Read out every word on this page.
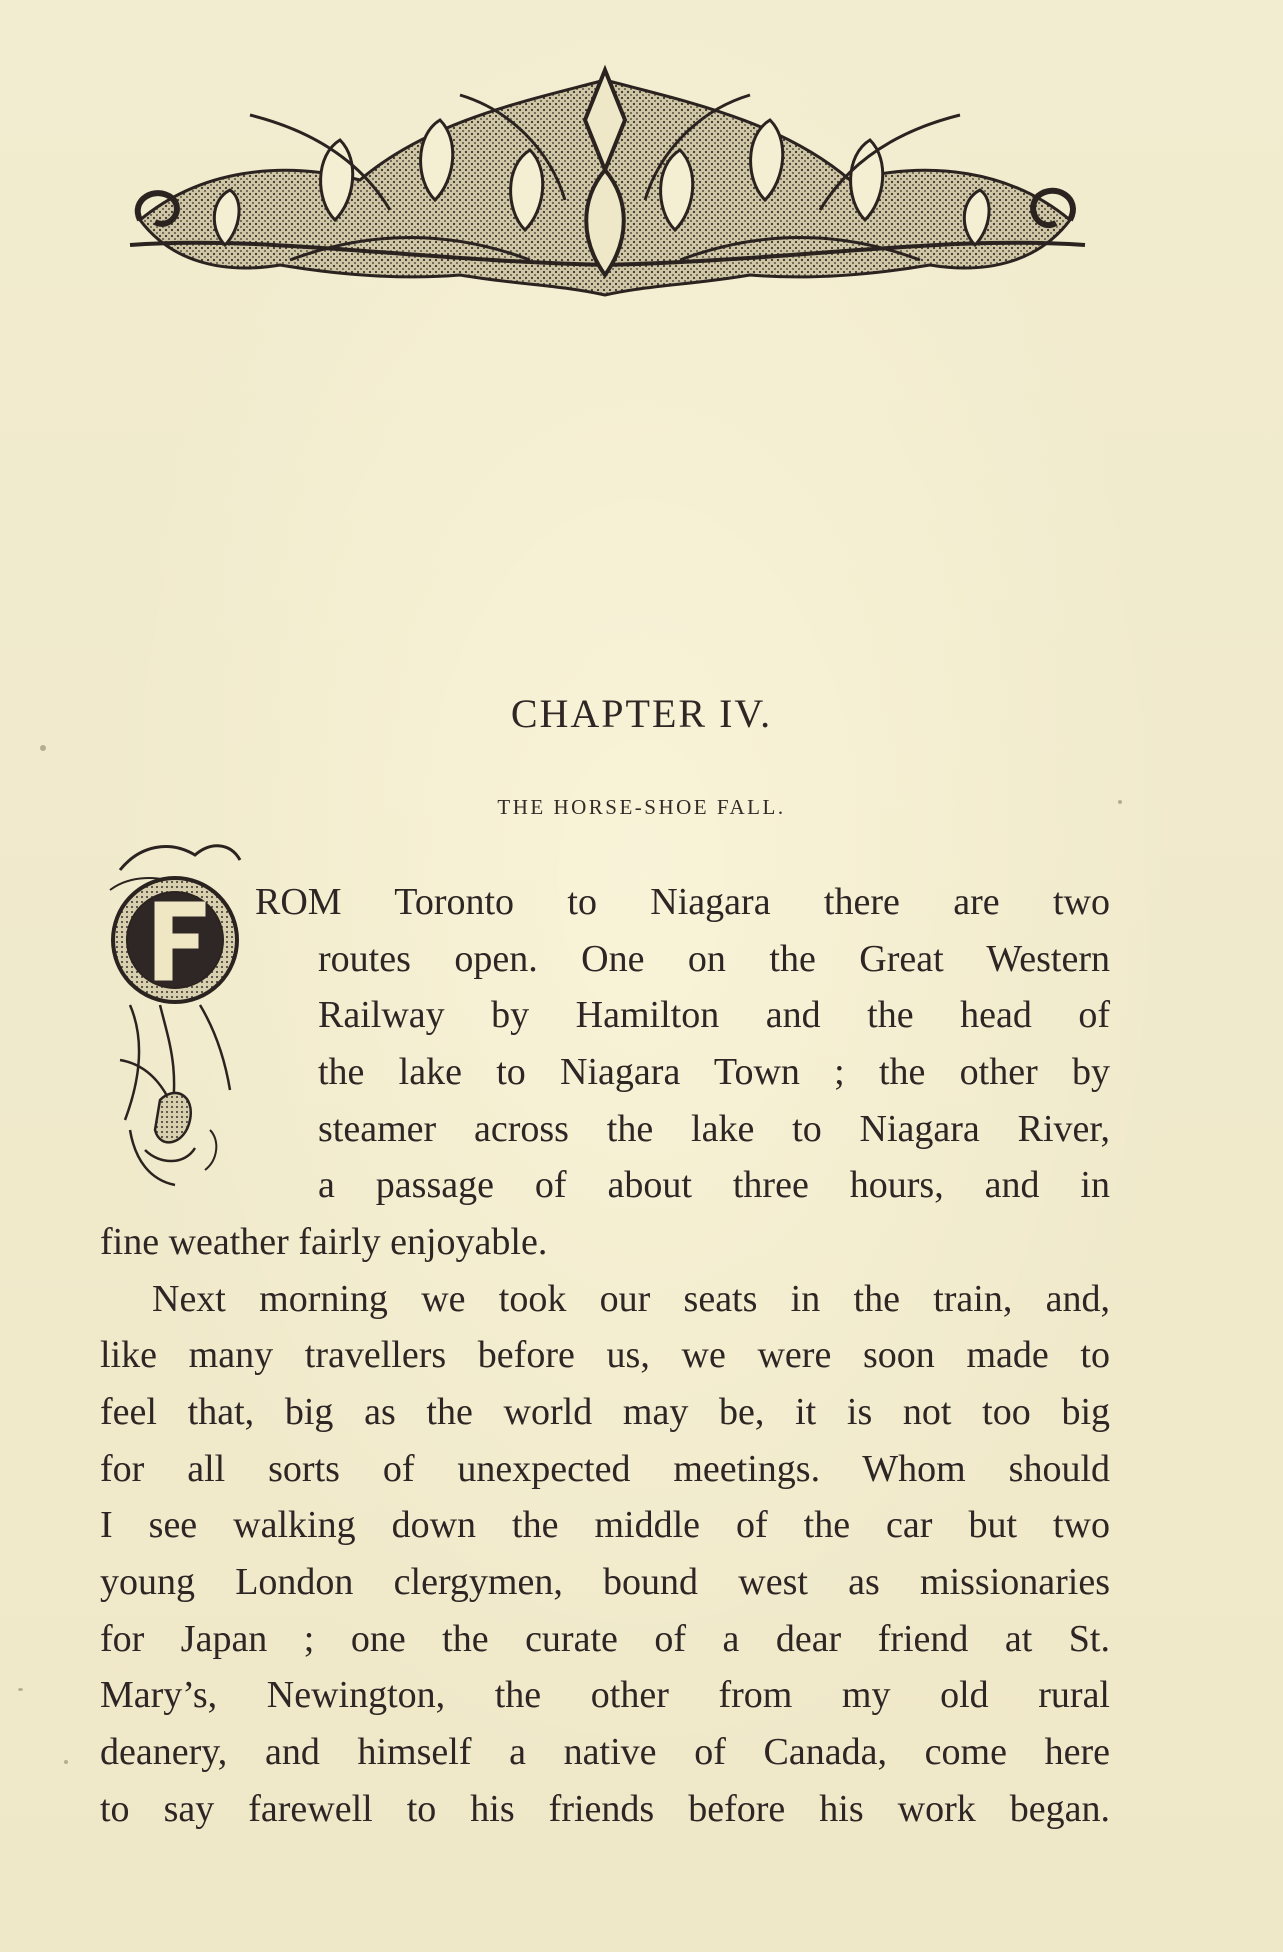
CHAPTER IV.
THE HORSE-SHOE FALL.
ROM Toronto to Niagara there are two
routes open. One on the Great Western
Railway by Hamilton and the head of
the lake to Niagara Town ; the other by
steamer across the lake to Niagara River,
a passage of about three hours, and in
fine weather fairly enjoyable.
Next morning we took our seats in the train, and,
like many travellers before us, we were soon made to
feel that, big as the world may be, it is not too big
for all sorts of unexpected meetings. Whom should
I see walking down the middle of the car but two
young London clergymen, bound west as missionaries
for Japan ; one the curate of a dear friend at St.
Mary’s, Newington, the other from my old rural
deanery, and himself a native of Canada, come here
to say farewell to his friends before his work began.
